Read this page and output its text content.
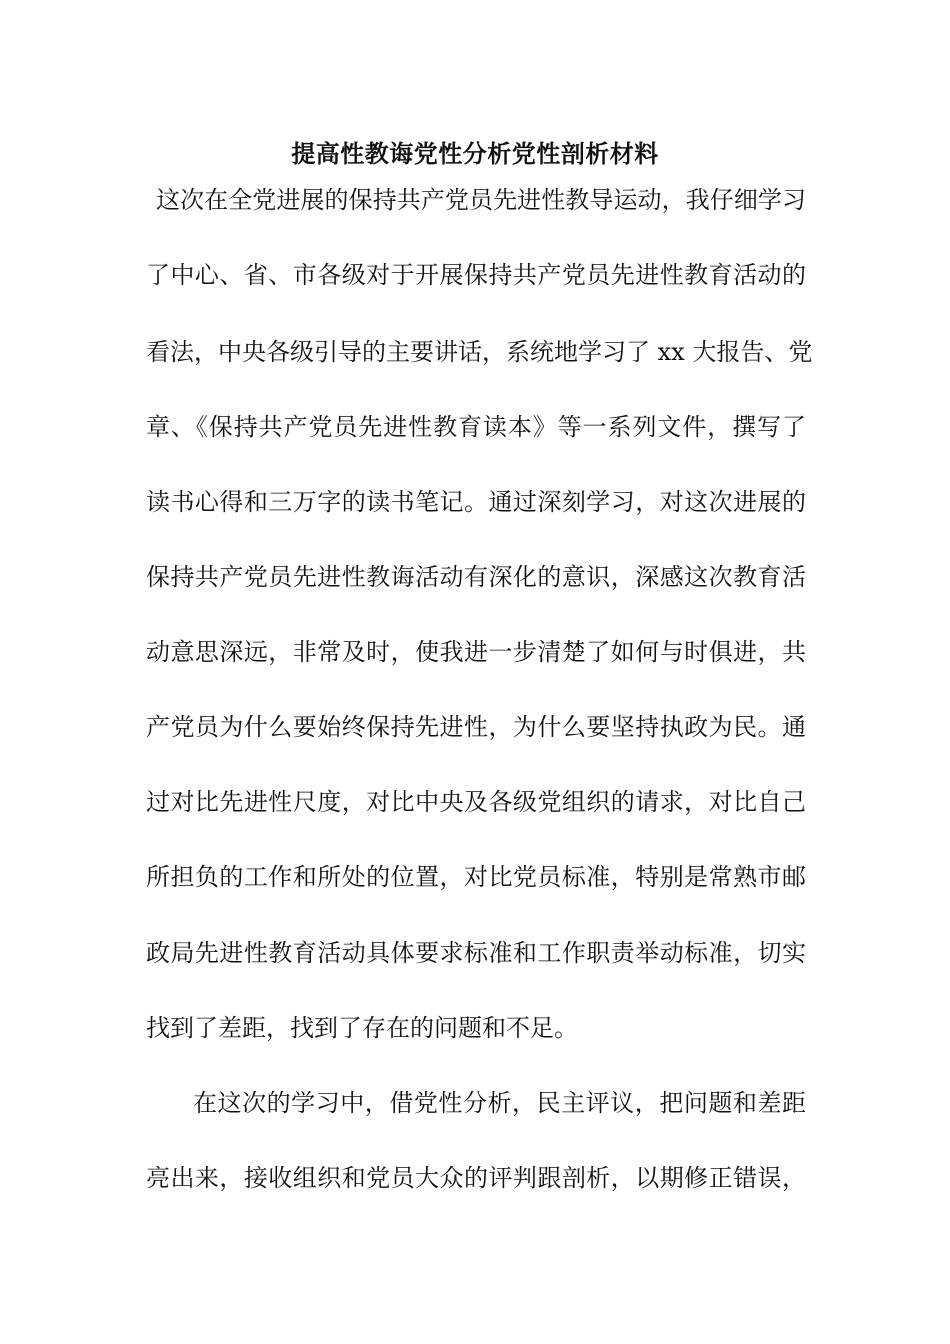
提高性教诲党性分析党性剖析材料
这次在全党进展的保持共产党员先进性教导运动，我仔细学习
了中心、省、市各级对于开展保持共产党员先进性教育活动的
看法，中央各级引导的主要讲话，系统地学习了 xx 大报告、党
章、《保持共产党员先进性教育读本》等一系列文件，撰写了
读书心得和三万字的读书笔记。通过深刻学习，对这次进展的
保持共产党员先进性教诲活动有深化的意识，深感这次教育活
动意思深远，非常及时，使我进一步清楚了如何与时俱进，共
产党员为什么要始终保持先进性，为什么要坚持执政为民。通
过对比先进性尺度，对比中央及各级党组织的请求，对比自己
所担负的工作和所处的位置，对比党员标准，特别是常熟市邮
政局先进性教育活动具体要求标准和工作职责举动标准，切实
找到了差距，找到了存在的问题和不足。
在这次的学习中，借党性分析，民主评议，把问题和差距
亮出来，接收组织和党员大众的评判跟剖析，以期修正错误，
